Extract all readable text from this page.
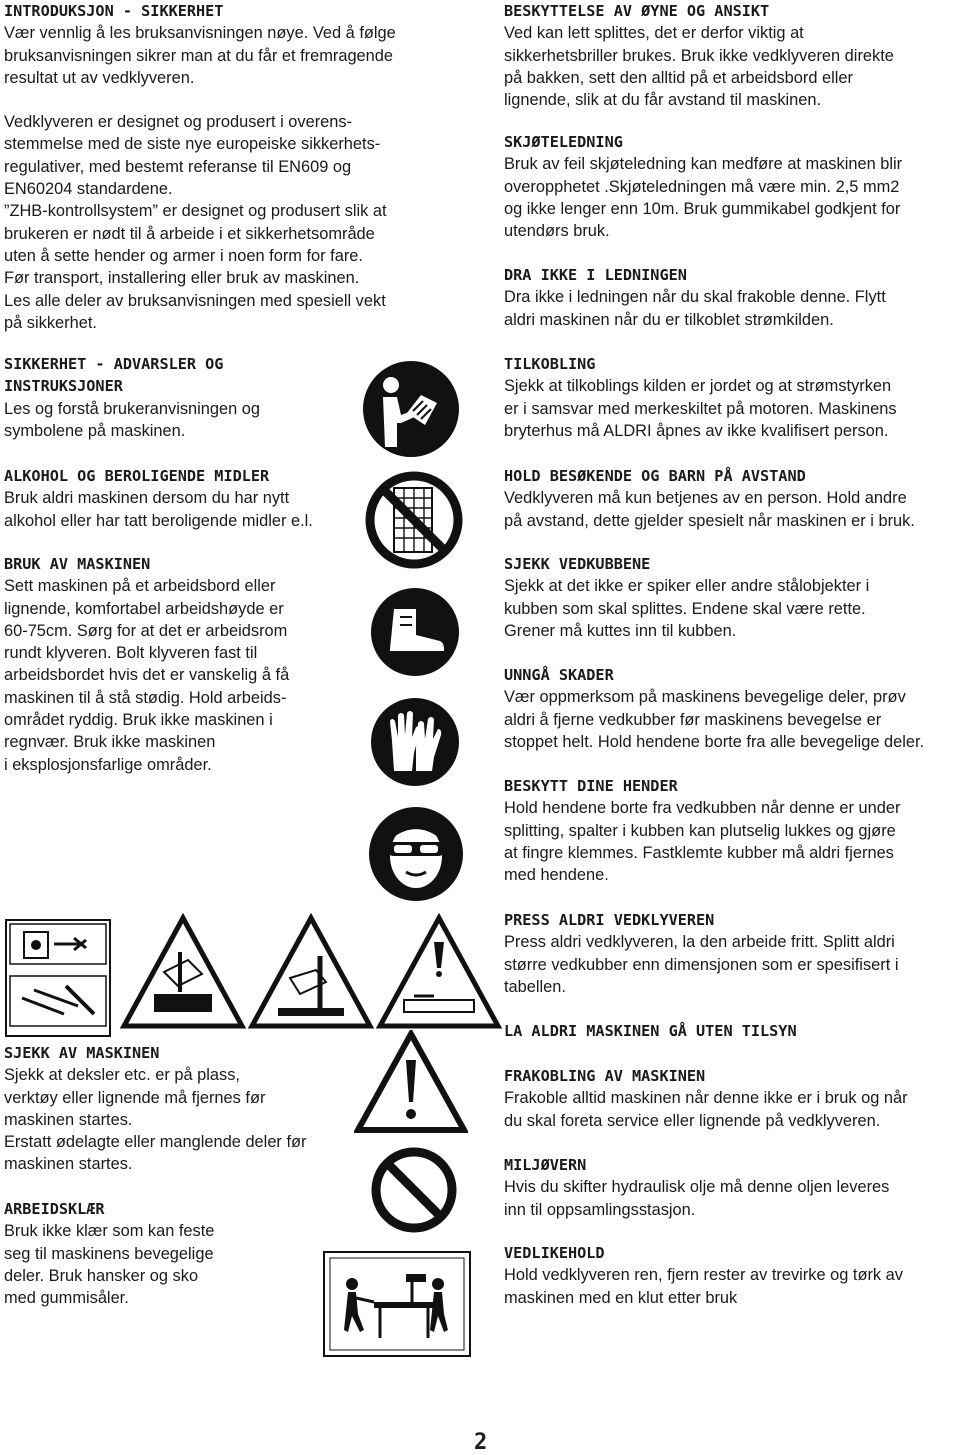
INTRODUKSJON - SIKKERHET
Vær vennlig å les bruksanvisningen nøye. Ved å følge
bruksanvisningen sikrer man at du får et fremragende
resultat ut av vedklyveren.
Vedklyveren er designet og produsert i overens-
stemmelse med de siste nye europeiske sikkerhets-
regulativer, med bestemt referanse til EN609 og
EN60204 standardene.
”ZHB-kontrollsystem” er designet og produsert slik at
brukeren er nødt til å arbeide i et sikkerhetsområde
uten å sette hender og armer i noen form for fare.
Før transport, installering eller bruk av maskinen.
Les alle deler av bruksanvisningen med spesiell vekt
på sikkerhet.
SIKKERHET - ADVARSLER OG
INSTRUKSJONER
Les og forstå brukeranvisningen og
symbolene på maskinen.
ALKOHOL OG BEROLIGENDE MIDLER
Bruk aldri maskinen dersom du har nytt
alkohol eller har tatt beroligende midler e.l.
BRUK AV MASKINEN
Sett maskinen på et arbeidsbord eller
lignende, komfortabel arbeidshøyde er
60-75cm. Sørg for at det er arbeidsrom
rundt klyveren. Bolt klyveren fast til
arbeidsbordet hvis det er vanskelig å få
maskinen til å stå stødig. Hold arbeids-
området ryddig. Bruk ikke maskinen i
regnvær. Bruk ikke maskinen
i eksplosjonsfarlige områder.
SJEKK AV MASKINEN
Sjekk at deksler etc. er på plass,
verktøy eller lignende må fjernes før
maskinen startes.
Erstatt ødelagte eller manglende deler før
maskinen startes.
ARBEIDSKLÆR
Bruk ikke klær som kan feste
seg til maskinens bevegelige
deler. Bruk hansker og sko
med gummisåler.
BESKYTTELSE AV ØYNE OG ANSIKT
Ved kan lett splittes, det er derfor viktig at
sikkerhetsbriller brukes. Bruk ikke vedklyveren direkte
på bakken, sett den alltid på et arbeidsbord eller
lignende, slik at du får avstand til maskinen.
SKJØTELEDNING
Bruk av feil skjøteledning kan medføre at maskinen blir
overopphetet .Skjøteledningen må være min. 2,5 mm2
og ikke lenger enn 10m. Bruk gummikabel godkjent for
utendørs bruk.
DRA IKKE I LEDNINGEN
Dra ikke i ledningen når du skal frakoble denne. Flytt
aldri maskinen når du er tilkoblet strømkilden.
TILKOBLING
Sjekk at tilkoblings kilden er jordet og at strømstyrken
er i samsvar med merkeskiltet på motoren. Maskinens
bryterhus må ALDRI åpnes av ikke kvalifisert person.
HOLD BESØKENDE OG BARN PÅ AVSTAND
Vedklyveren må kun betjenes av en person. Hold andre
på avstand, dette gjelder spesielt når maskinen er i bruk.
SJEKK VEDKUBBENE
Sjekk at det ikke er spiker eller andre stålobjekter i
kubben som skal splittes. Endene skal være rette.
Grener må kuttes inn til kubben.
UNNGÅ SKADER
Vær oppmerksom på maskinens bevegelige deler, prøv
aldri å fjerne vedkubber før maskinens bevegelse er
stoppet helt. Hold hendene borte fra alle bevegelige deler.
BESKYTT DINE HENDER
Hold hendene borte fra vedkubben når denne er under
splitting, spalter i kubben kan plutselig lukkes og gjøre
at fingre klemmes. Fastklemte kubber må aldri fjernes
med hendene.
PRESS ALDRI VEDKLYVEREN
Press aldri vedklyveren, la den arbeide fritt. Splitt aldri
større vedkubber enn dimensjonen som er spesifisert i
tabellen.
LA ALDRI MASKINEN GÅ UTEN TILSYN
FRAKOBLING AV MASKINEN
Frakoble alltid maskinen når denne ikke er i bruk og når
du skal foreta service eller lignende på vedklyveren.
MILJØVERN
Hvis du skifter hydraulisk olje må denne oljen leveres
inn til oppsamlingsstasjon.
VEDLIKEHOLD
Hold vedklyveren ren, fjern rester av trevirke og tørk av
maskinen med en klut etter bruk
2
